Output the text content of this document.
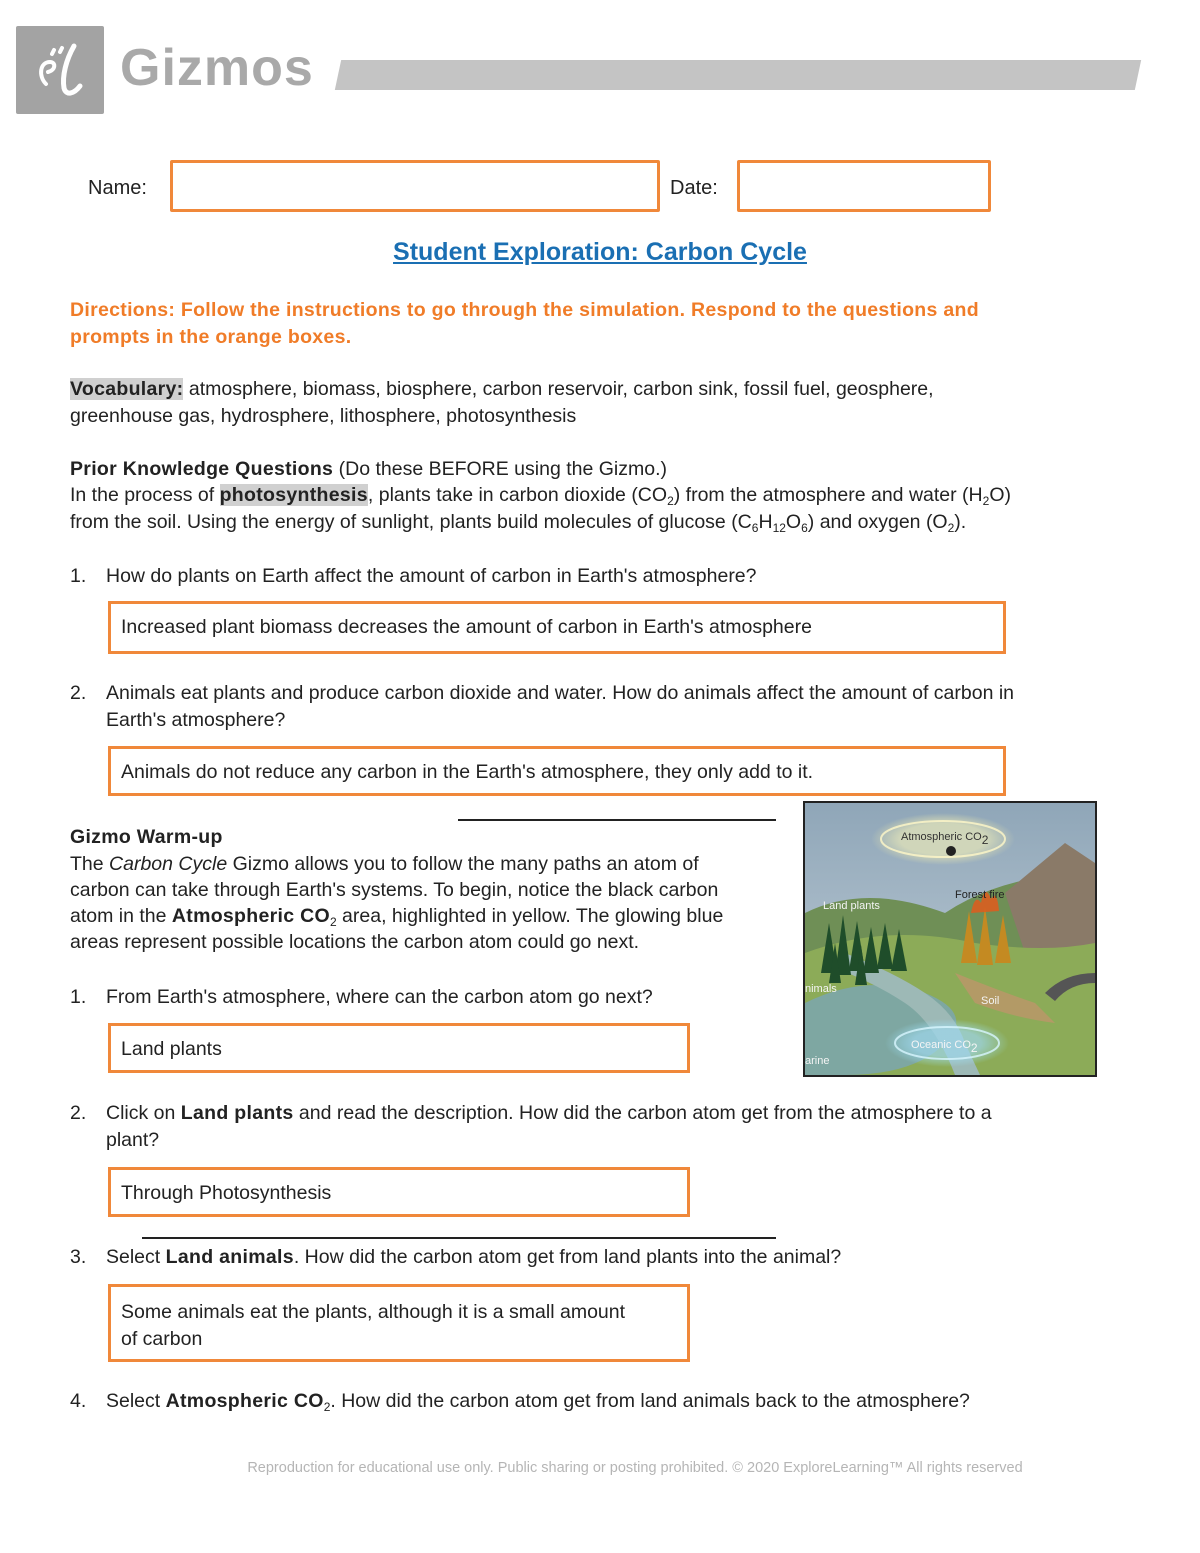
Gizmos
Name:	Date:
Student Exploration: Carbon Cycle
Directions: Follow the instructions to go through the simulation. Respond to the questions and
prompts in the orange boxes.
Vocabulary: atmosphere, biomass, biosphere, carbon reservoir, carbon sink, fossil fuel, geosphere,
greenhouse gas, hydrosphere, lithosphere, photosynthesis
Prior Knowledge Questions (Do these BEFORE using the Gizmo.)
In the process of photosynthesis, plants take in carbon dioxide $(CO_2)$ from the atmosphere and water $(H_2O)$
from the soil. Using the energy of sunlight, plants build molecules of glucose $(C_6H_{12}O_6)$ and oxygen $(O_2)$.
1. How do plants on Earth affect the amount of carbon in Earth's atmosphere?
Increased plant biomass decreases the amount of carbon in Earth's atmosphere
2. Animals eat plants and produce carbon dioxide and water. How do animals affect the amount of carbon in
Earth's atmosphere?
Animals do not reduce any carbon in the Earth's atmosphere, they only add to it.
Gizmo Warm-up
The Carbon Cycle Gizmo allows you to follow the many paths an atom of
carbon can take through Earth's systems. To begin, notice the black carbon
atom in the Atmospheric $CO_2$ area, highlighted in yellow. The glowing blue
areas represent possible locations the carbon atom could go next.
1. From Earth's atmosphere, where can the carbon atom go next?
Land plants
2. Click on Land plants and read the description. How did the carbon atom get from the atmosphere to a
plant?
Through Photosynthesis
3. Select Land animals. How did the carbon atom get from land plants into the animal?
Some animals eat the plants, although it is a small amount
of carbon
4. Select Atmospheric $CO_2$. How did the carbon atom get from land animals back to the atmosphere?
Atmospheric $CO_2$
Forest fire
Land plants
nimals
Soil
Oceanic $CO_2$
arine
Reproduction for educational use only. Public sharing or posting prohibited. © 2020 ExploreLearning™ All rights reserved
